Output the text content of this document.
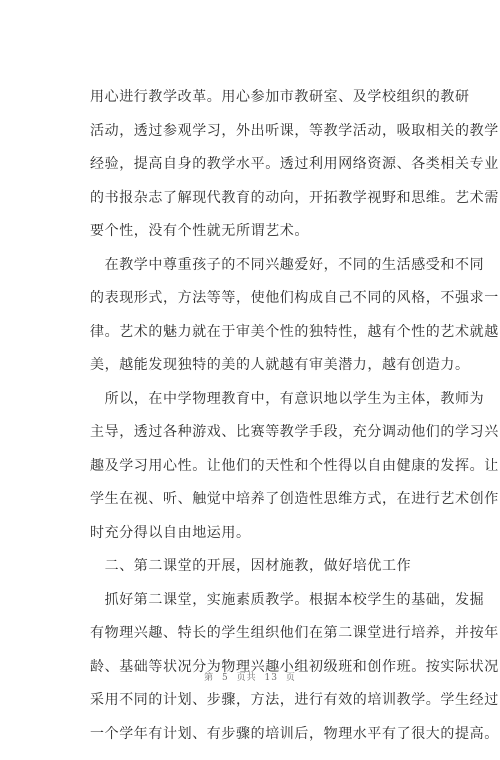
用心进行教学改革。用心参加市教研室、及学校组织的教研
活动，透过参观学习，外出听课，等教学活动，吸取相关的教学
经验，提高自身的教学水平。透过利用网络资源、各类相关专业
的书报杂志了解现代教育的动向，开拓教学视野和思维。艺术需
要个性，没有个性就无所谓艺术。
　在教学中尊重孩子的不同兴趣爱好，不同的生活感受和不同
的表现形式，方法等等，使他们构成自己不同的风格，不强求一
律。艺术的魅力就在于审美个性的独特性，越有个性的艺术就越
美，越能发现独特的美的人就越有审美潜力，越有创造力。
　所以，在中学物理教育中，有意识地以学生为主体，教师为
主导，透过各种游戏、比赛等教学手段，充分调动他们的学习兴
趣及学习用心性。让他们的天性和个性得以自由健康的发挥。让
学生在视、听、触觉中培养了创造性思维方式，在进行艺术创作
时充分得以自由地运用。
　二、第二课堂的开展，因材施教，做好培优工作
　抓好第二课堂，实施素质教学。根据本校学生的基础，发掘
有物理兴趣、特长的学生组织他们在第二课堂进行培养，并按年
龄、基础等状况分为物理兴趣小组初级班和创作班。按实际状况
采用不同的计划、步骤，方法，进行有效的培训教学。学生经过
一个学年有计划、有步骤的培训后，物理水平有了很大的提高。
第 5 页共 13 页
